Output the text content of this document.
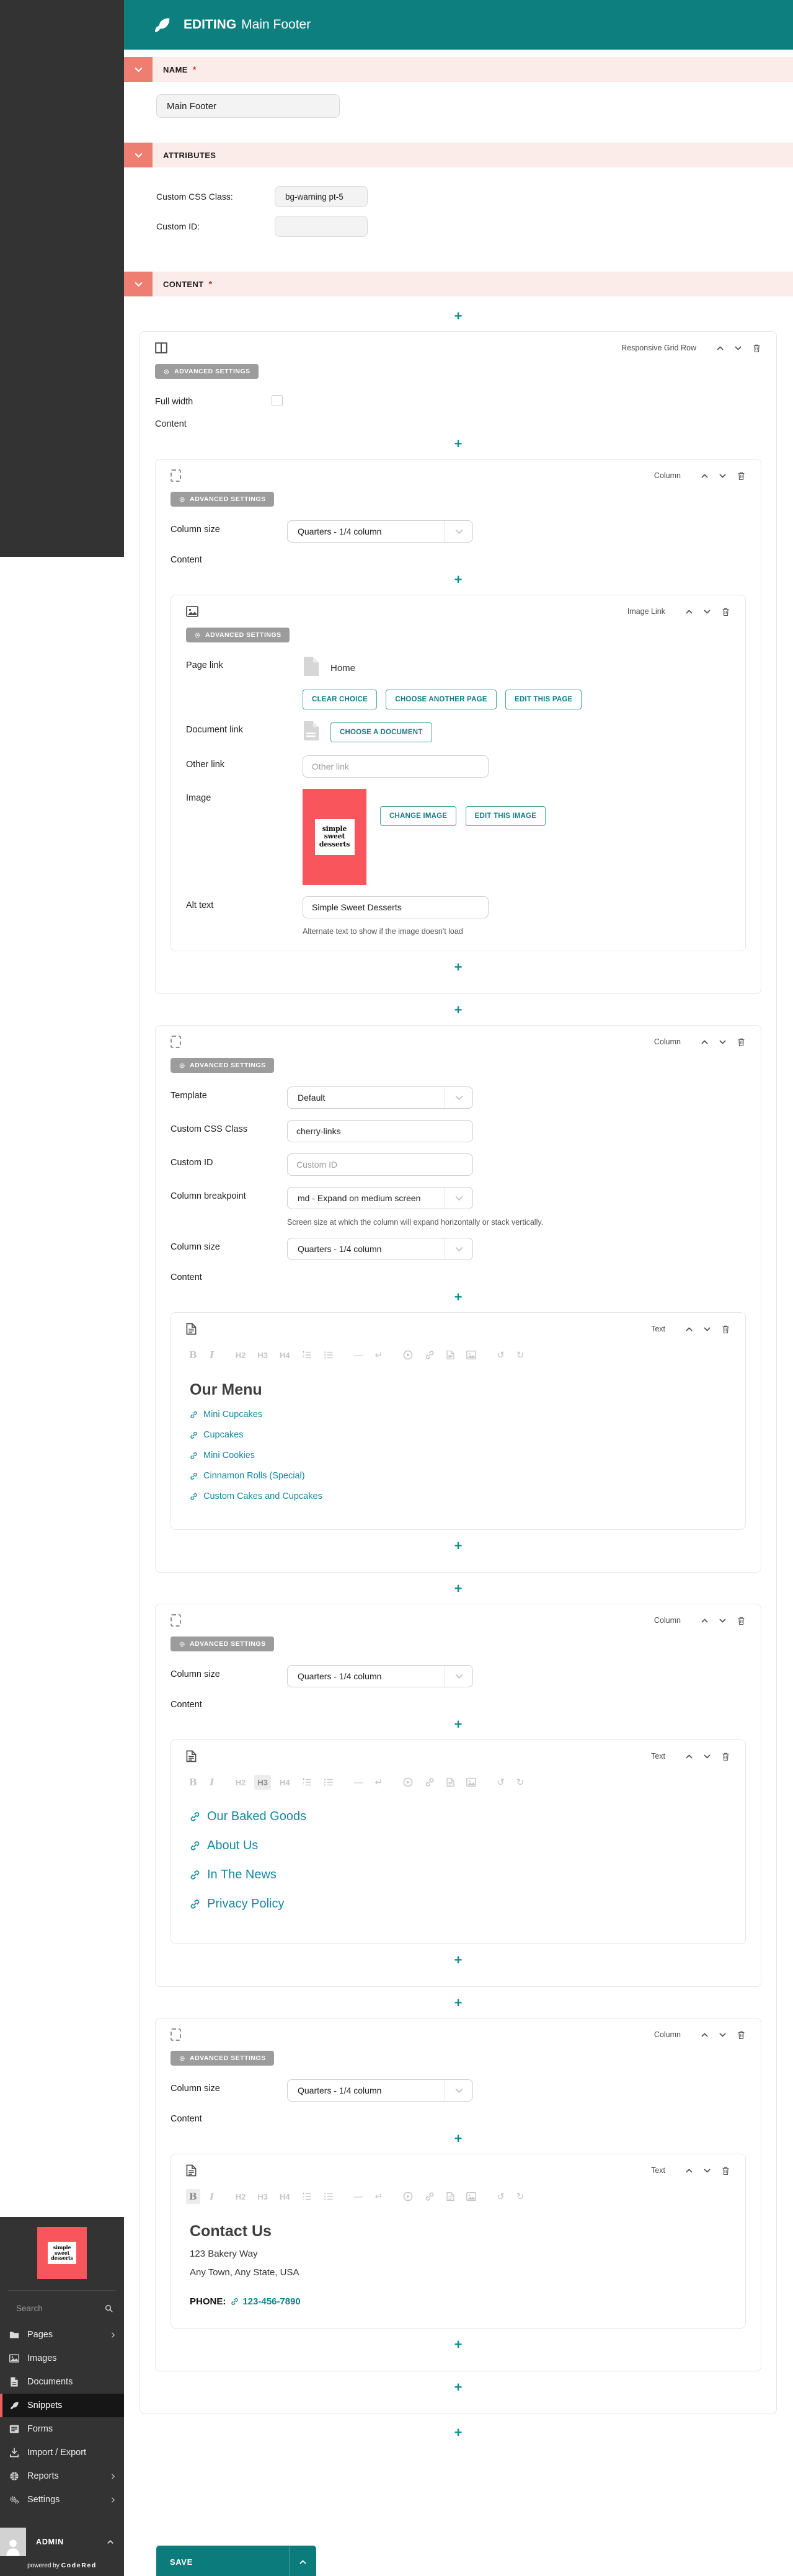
EDITING Main Footer
NAME *
Main Footer
ATTRIBUTES
Custom CSS Class:
bg-warning pt-5
Custom ID:
CONTENT *
+
Responsive Grid Row
ADVANCED SETTINGS
Full width
Content
+
Column
ADVANCED SETTINGS
Column size	Quarters - 1/4 column
Content
+
Image Link
ADVANCED SETTINGS
Page link	Home
CLEAR CHOICE	CHOOSE ANOTHER PAGE	EDIT THIS PAGE
Document link	CHOOSE A DOCUMENT
Other link
Other link
Image
simple
sweet
desserts
CHANGE IMAGE	EDIT THIS IMAGE
Alt text
Simple Sweet Desserts
Alternate text to show if the image doesn't load
+
+
Column
ADVANCED SETTINGS
Template	Default
Custom CSS Class
cherry-links
Custom ID
Custom ID
Column breakpoint	md - Expand on medium screen
Screen size at which the column will expand horizontally or stack vertically.
Column size	Quarters - 1/4 column
Content
+
Text
B	I	H2	H3	H4	—	↵	↺	↻
Our Menu
Mini Cupcakes
Cupcakes
Mini Cookies
Cinnamon Rolls (Special)
Custom Cakes and Cupcakes
+
+
Column
ADVANCED SETTINGS
Column size	Quarters - 1/4 column
Content
+
Text
B	I	H2	H3	H4	—	↵	↺	↻
Our Baked Goods
About Us
In The News
Privacy Policy
+
+
Column
ADVANCED SETTINGS
Column size	Quarters - 1/4 column
Content
+
Text
B	I	H2	H3	H4	—	↵	↺	↻
Contact Us
123 Bakery Way
Any Town, Any State, USA
PHONE: 123-456-7890
+
+
+
simple
sweet
desserts
Search
Pages
Images
Documents
Snippets
Forms
Import / Export
Reports
Settings
ADMIN
powered by CodeRed	SAVE
